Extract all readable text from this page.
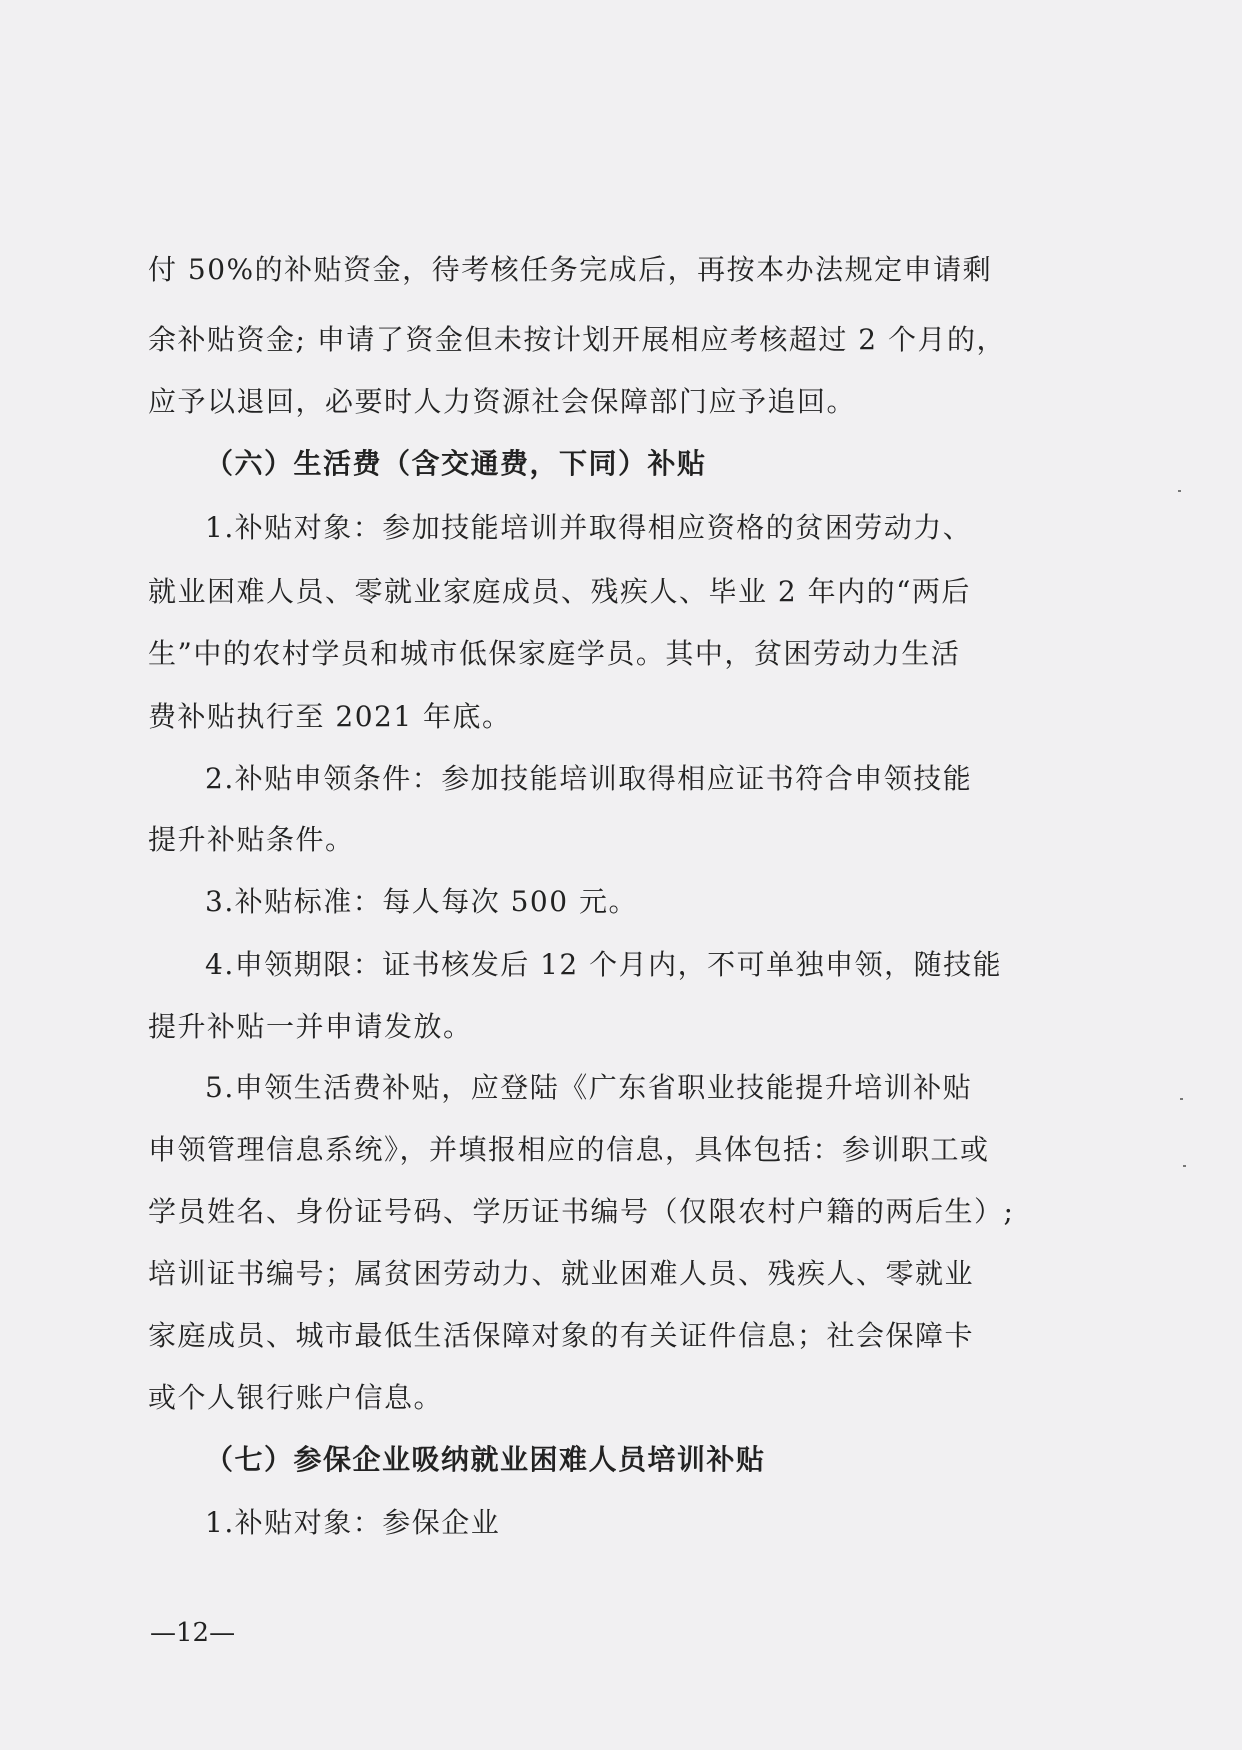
付 50%的补贴资金，待考核任务完成后，再按本办法规定申请剩
余补贴资金; 申请了资金但未按计划开展相应考核超过 2 个月的，
应予以退回，必要时人力资源社会保障部门应予追回。
（六）生活费（含交通费，下同）补贴
1.补贴对象：参加技能培训并取得相应资格的贫困劳动力、
就业困难人员、零就业家庭成员、残疾人、毕业 2 年内的“两后
生”中的农村学员和城市低保家庭学员。其中，贫困劳动力生活
费补贴执行至 2021 年底。
2.补贴申领条件：参加技能培训取得相应证书符合申领技能
提升补贴条件。
3.补贴标准：每人每次 500 元。
4.申领期限：证书核发后 12 个月内，不可单独申领，随技能
提升补贴一并申请发放。
5.申领生活费补贴，应登陆《广东省职业技能提升培训补贴
申领管理信息系统》，并填报相应的信息，具体包括：参训职工或
学员姓名、身份证号码、学历证书编号（仅限农村户籍的两后生）;
培训证书编号；属贫困劳动力、就业困难人员、残疾人、零就业
家庭成员、城市最低生活保障对象的有关证件信息；社会保障卡
或个人银行账户信息。
（七）参保企业吸纳就业困难人员培训补贴
1.补贴对象：参保企业
—12—
